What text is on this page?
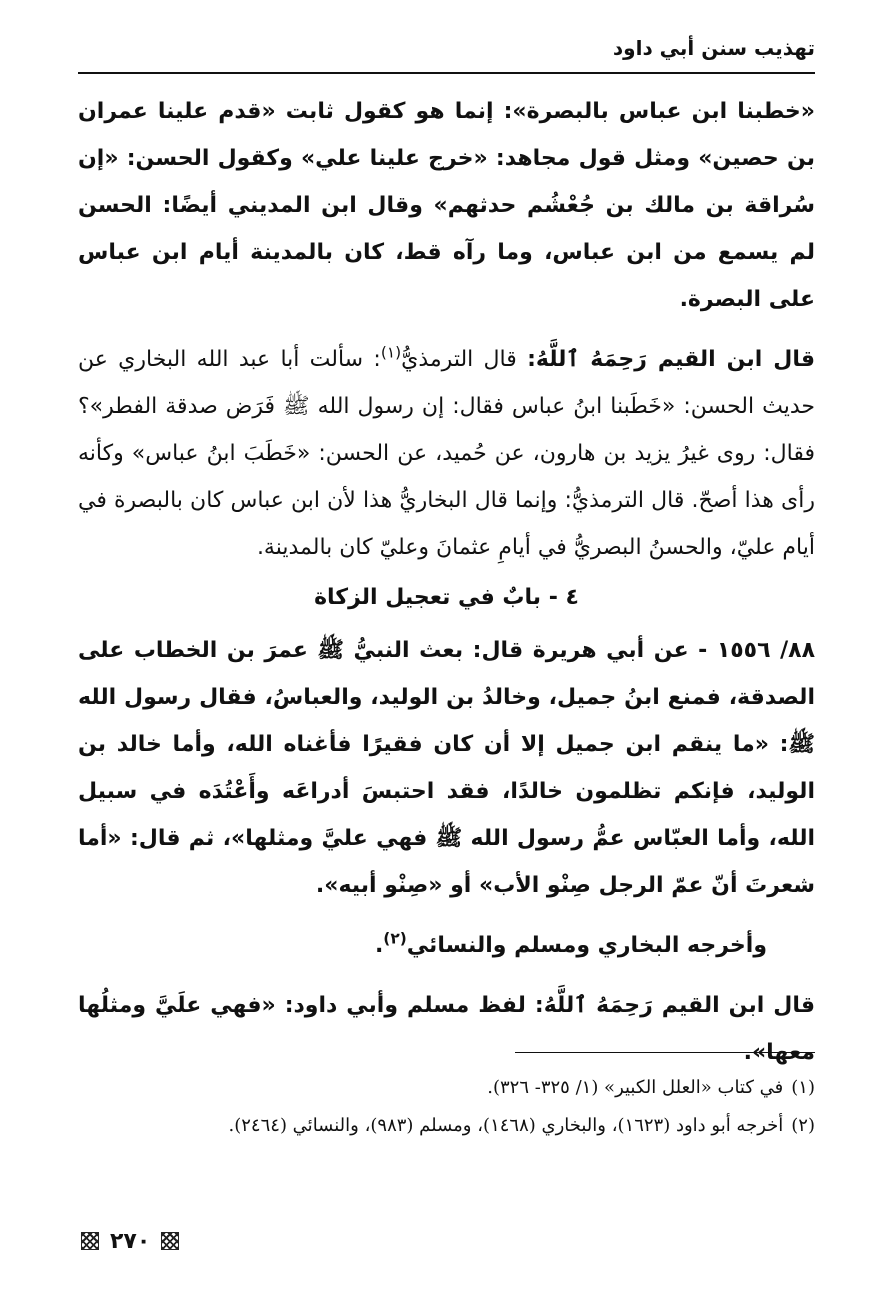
تهذيب سنن أبي داود

«خطبنا ابن عباس بالبصرة»: إنما هو كقول ثابت «قدم علينا عمران بن حصين» ومثل قول مجاهد: «خرج علينا علي» وكقول الحسن: «إن سُراقة بن مالك بن جُعْشُم حدثهم» وقال ابن المديني أيضًا: الحسن لم يسمع من ابن عباس، وما رآه قط، كان بالمدينة أيام ابن عباس على البصرة.

قال ابن القيم رَحِمَهُ ٱللَّهُ: قال الترمذيُّ$^{(١)}$: سألت أبا عبد الله البخاري عن حديث الحسن: «خَطَبنا ابنُ عباس فقال: إن رسول الله ﷺ فَرَض صدقة الفطر»؟ فقال: روى غيرُ يزيد بن هارون، عن حُميد، عن الحسن: «خَطَبَ ابنُ عباس» وكأنه رأى هذا أصحّ. قال الترمذيُّ: وإنما قال البخاريُّ هذا لأن ابن عباس كان بالبصرة في أيام عليّ، والحسنُ البصريُّ في أيامِ عثمانَ وعليّ كان بالمدينة.

٤ - بابٌ في تعجيل الزكاة

٨٨/ ١٥٥٦ - عن أبي هريرة قال: بعث النبيُّ ﷺ عمرَ بن الخطاب على الصدقة، فمنع ابنُ جميل، وخالدُ بن الوليد، والعباسُ، فقال رسول الله ﷺ: «ما ينقم ابن جميل إلا أن كان فقيرًا فأغناه الله، وأما خالد بن الوليد، فإنكم تظلمون خالدًا، فقد احتبسَ أدراعَه وأَعْتُدَه في سبيل الله، وأما العبّاس عمُّ رسول الله ﷺ فهي عليَّ ومثلها»، ثم قال: «أما شعرتَ أنّ عمّ الرجل صِنْو الأب» أو «صِنْو أبيه».

وأخرجه البخاري ومسلم والنسائي$^{(٢)}$.

قال ابن القيم رَحِمَهُ ٱللَّهُ: لفظ مسلم وأبي داود: «فهي علَيَّ ومثلُها معها».

(١)في كتاب «العلل الكبير» (١/ ٣٢٥- ٣٢٦).

(٢)أخرجه أبو داود (١٦٢٣)، والبخاري (١٤٦٨)، ومسلم (٩٨٣)، والنسائي (٢٤٦٤).

٢٧٠
